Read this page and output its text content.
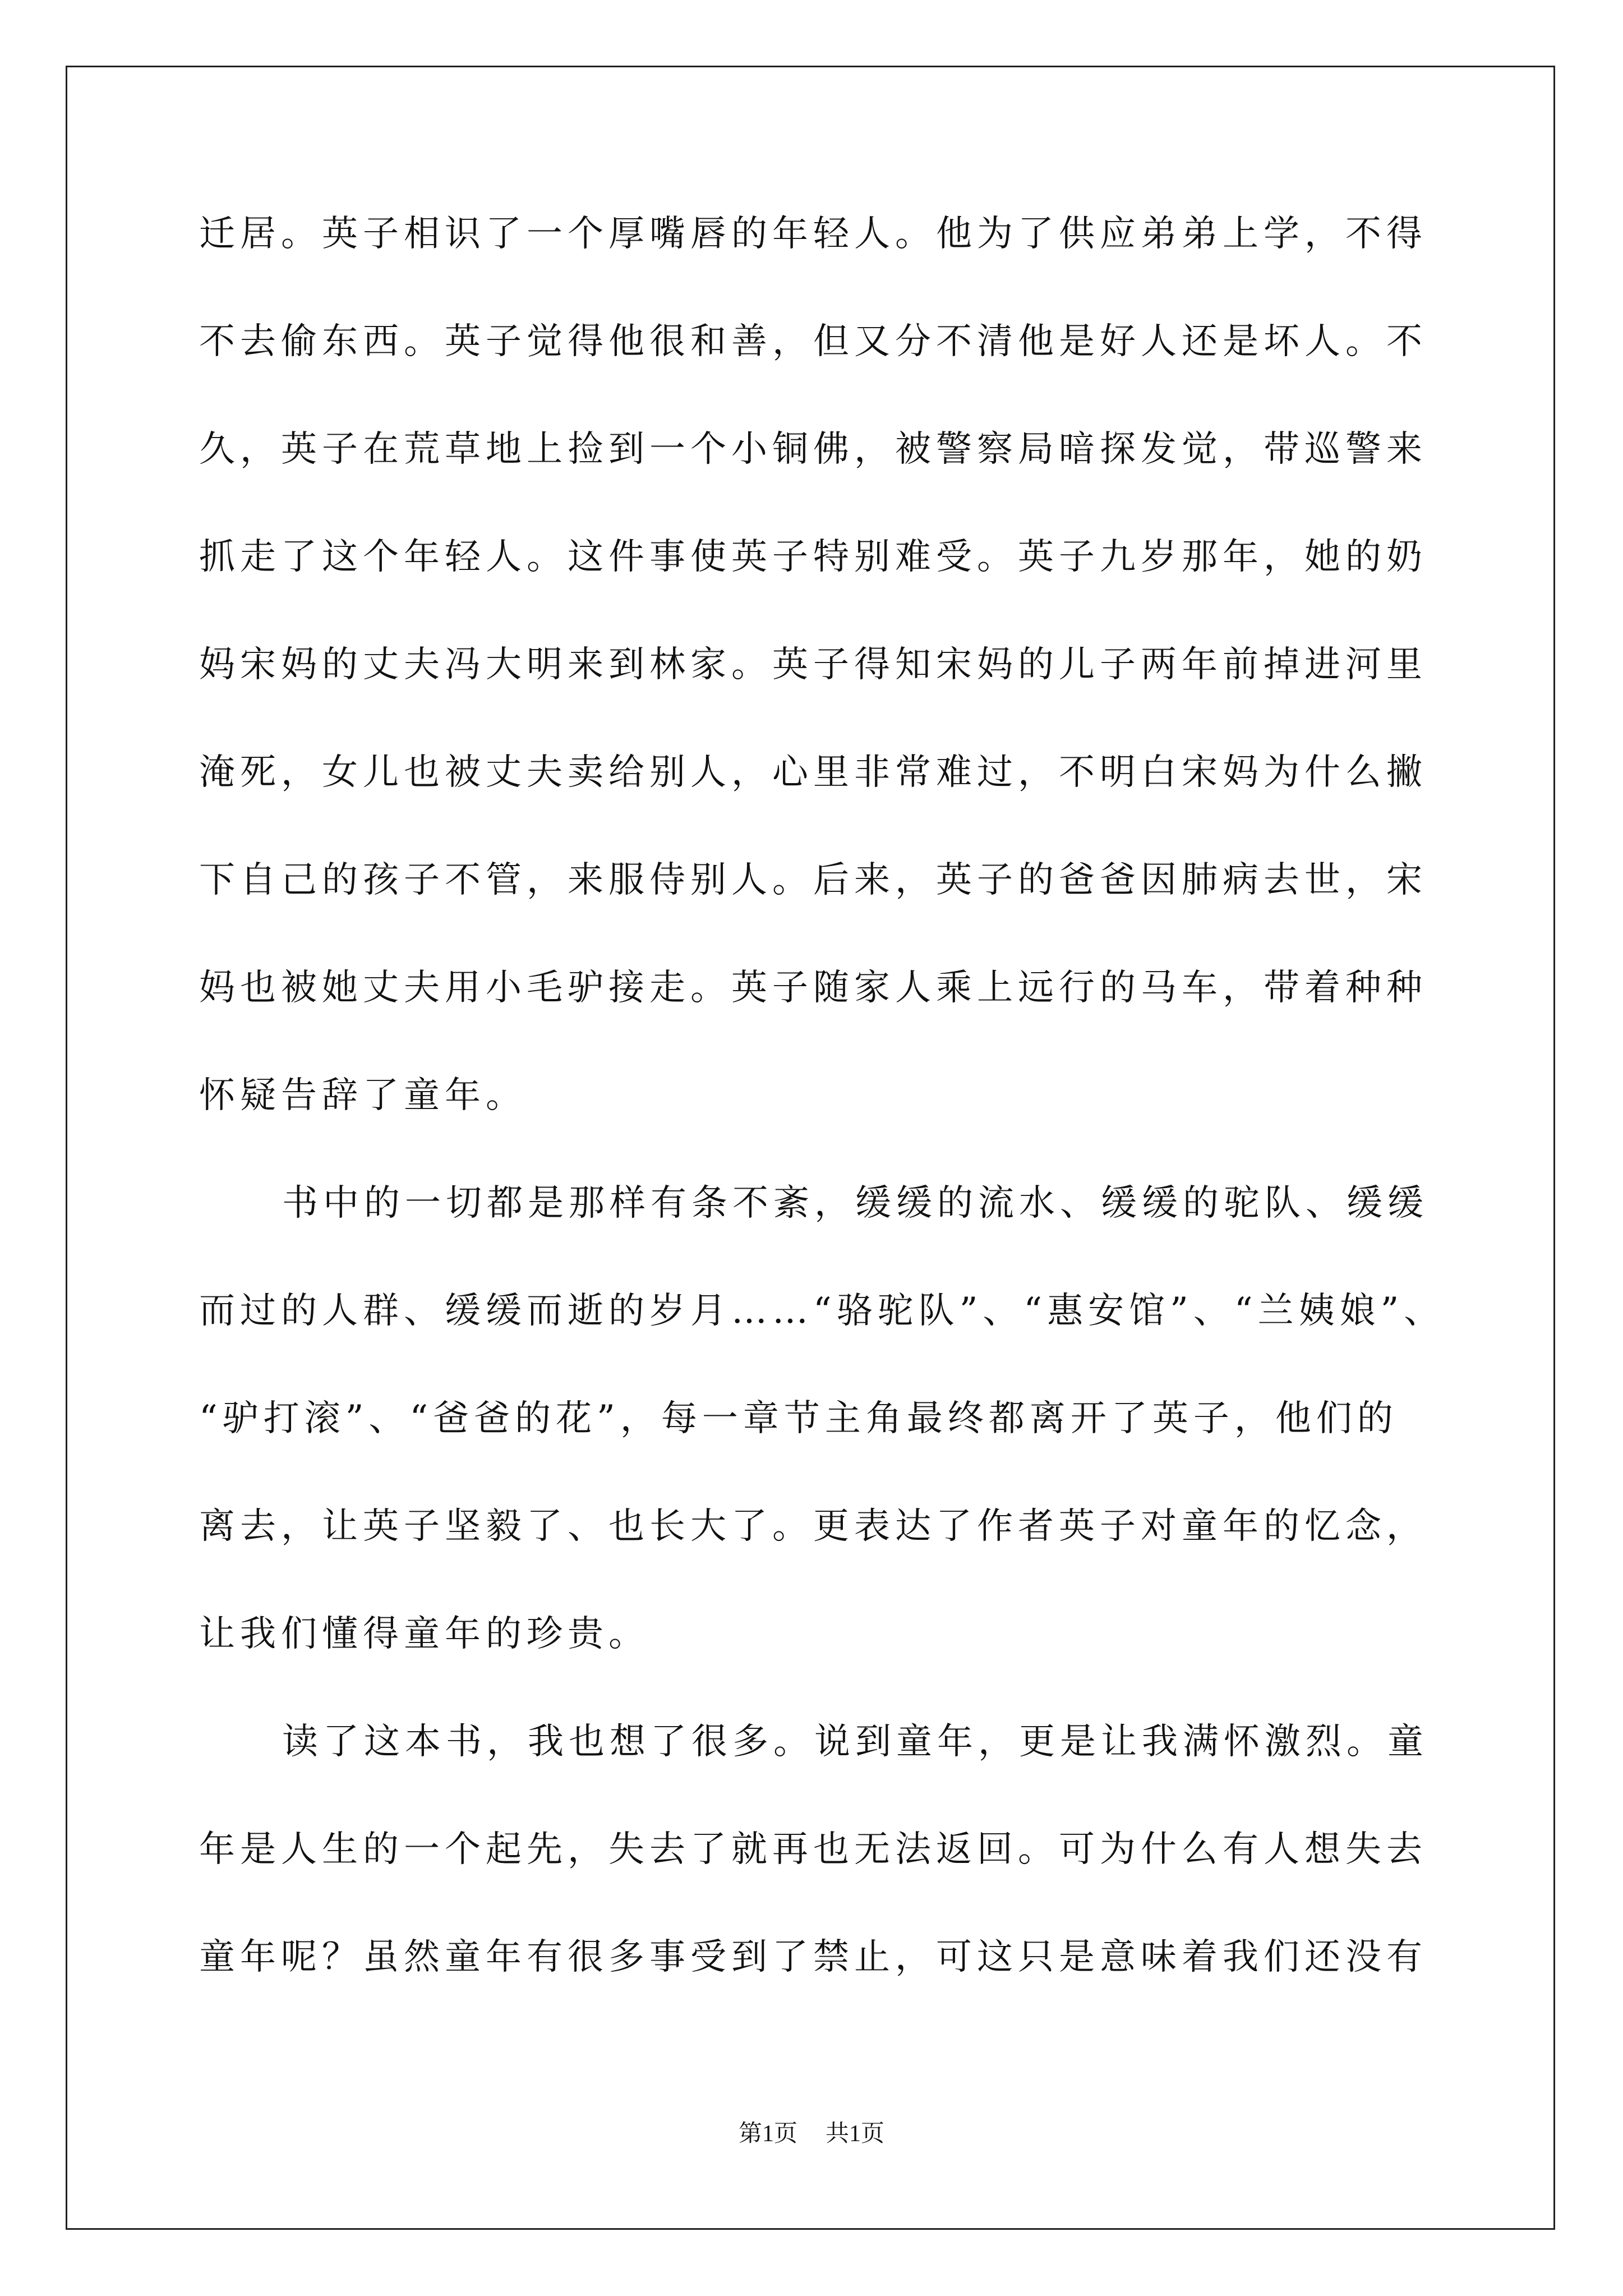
迁居。英子相识了一个厚嘴唇的年轻人。他为了供应弟弟上学，不得
不去偷东西。英子觉得他很和善，但又分不清他是好人还是坏人。不
久，英子在荒草地上捡到一个小铜佛，被警察局暗探发觉，带巡警来
抓走了这个年轻人。这件事使英子特别难受。英子九岁那年，她的奶
妈宋妈的丈夫冯大明来到林家。英子得知宋妈的儿子两年前掉进河里
淹死，女儿也被丈夫卖给别人，心里非常难过，不明白宋妈为什么撇
下自己的孩子不管，来服侍别人。后来，英子的爸爸因肺病去世，宋
妈也被她丈夫用小毛驴接走。英子随家人乘上远行的马车，带着种种
怀疑告辞了童年。
书中的一切都是那样有条不紊，缓缓的流水、缓缓的驼队、缓缓
而过的人群、缓缓而逝的岁月……“骆驼队”、“惠安馆”、“兰姨娘”、
“驴打滚”、“爸爸的花”，每一章节主角最终都离开了英子，他们的
离去，让英子坚毅了、也长大了。更表达了作者英子对童年的忆念，
让我们懂得童年的珍贵。
读了这本书，我也想了很多。说到童年，更是让我满怀激烈。童
年是人生的一个起先，失去了就再也无法返回。可为什么有人想失去
童年呢？虽然童年有很多事受到了禁止，可这只是意味着我们还没有
第1页 共1页
